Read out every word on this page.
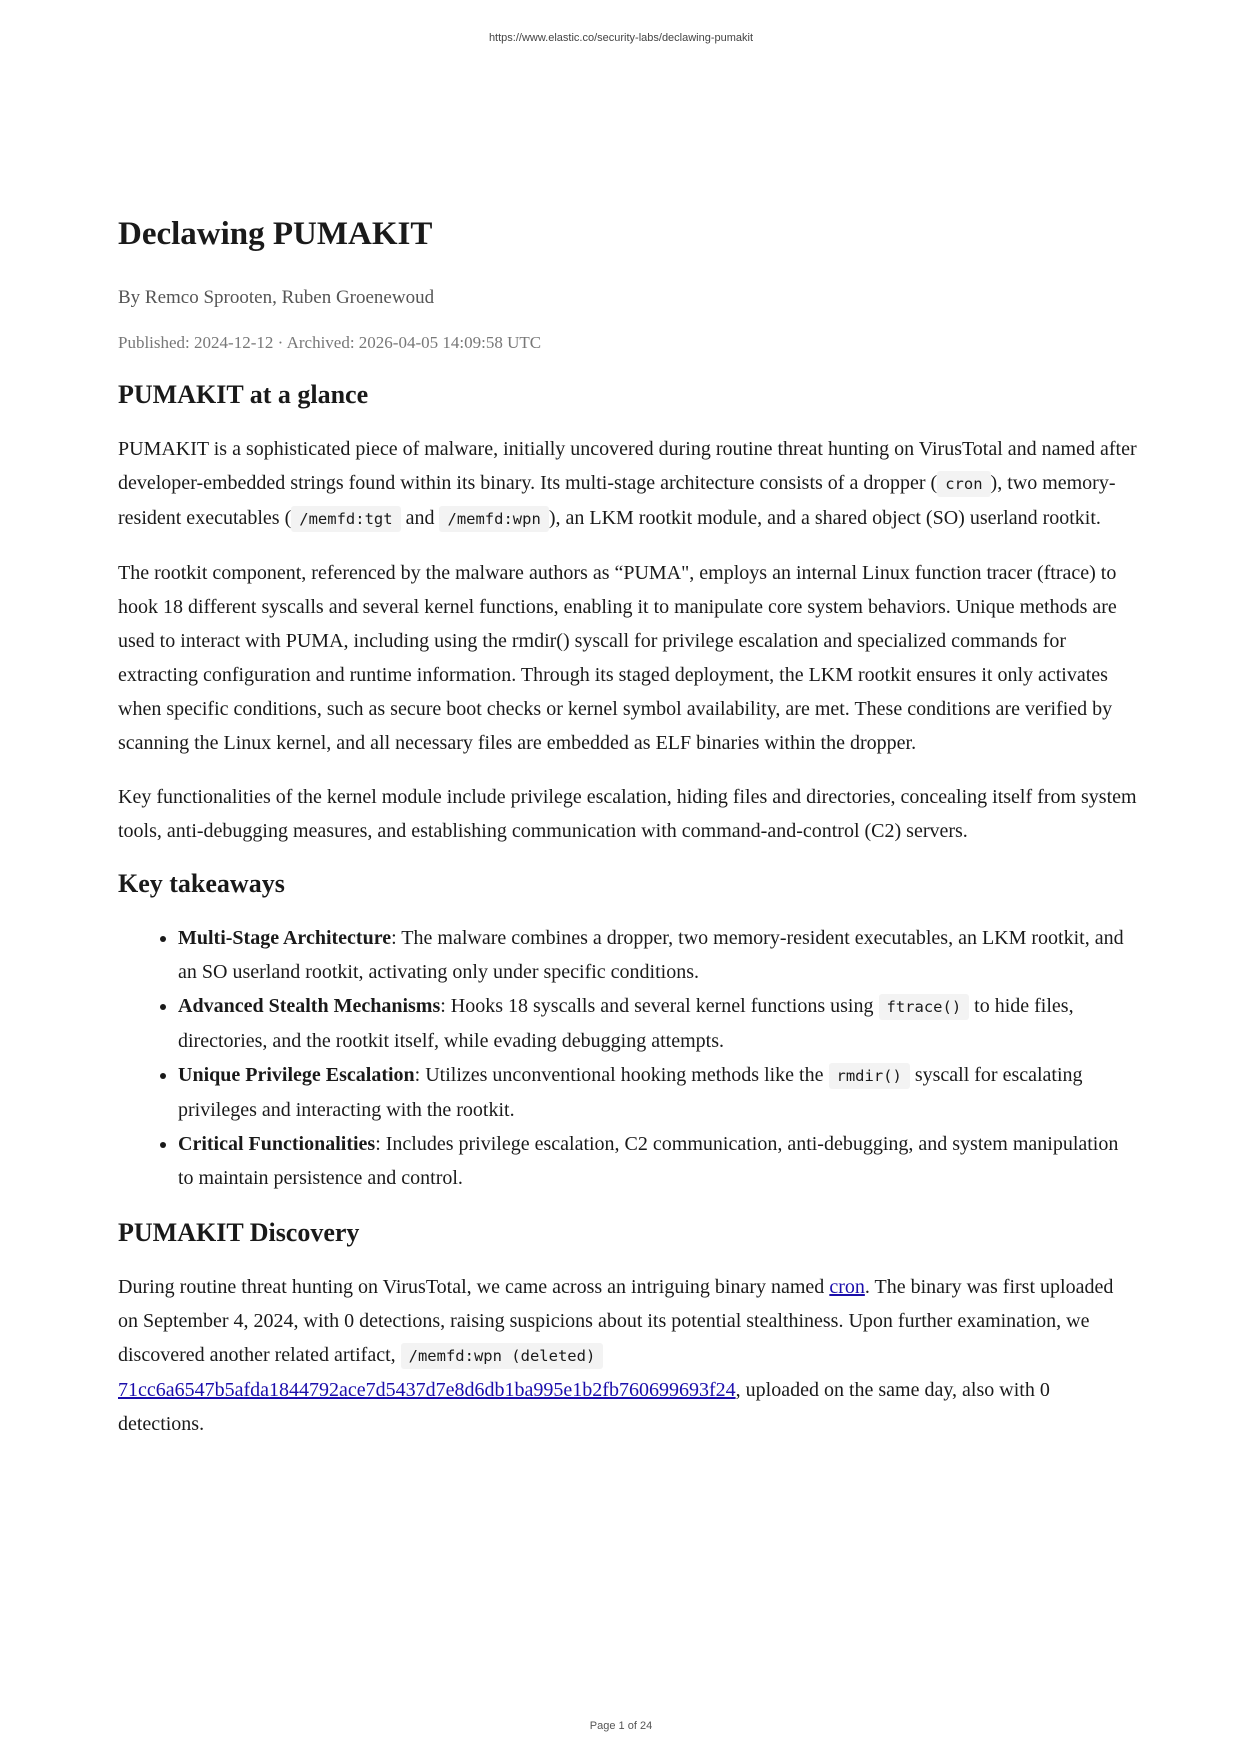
https://www.elastic.co/security-labs/declawing-pumakit
Declawing PUMAKIT
By Remco Sprooten, Ruben Groenewoud
Published: 2024-12-12 · Archived: 2026-04-05 14:09:58 UTC
PUMAKIT at a glance

PUMAKIT is a sophisticated piece of malware, initially uncovered during routine threat hunting on VirusTotal and named after developer-embedded strings found within its binary. Its multi-stage architecture consists of a dropper ( cron ), two memory-resident executables ( /memfd:tgt and /memfd:wpn ), an LKM rootkit module, and a shared object (SO) userland rootkit.

The rootkit component, referenced by the malware authors as “PUMA", employs an internal Linux function tracer (ftrace) to hook 18 different syscalls and several kernel functions, enabling it to manipulate core system behaviors. Unique methods are used to interact with PUMA, including using the rmdir() syscall for privilege escalation and specialized commands for extracting configuration and runtime information. Through its staged deployment, the LKM rootkit ensures it only activates when specific conditions, such as secure boot checks or kernel symbol availability, are met. These conditions are verified by scanning the Linux kernel, and all necessary files are embedded as ELF binaries within the dropper.

Key functionalities of the kernel module include privilege escalation, hiding files and directories, concealing itself from system tools, anti-debugging measures, and establishing communication with command-and-control (C2) servers.

Key takeaways
• Multi-Stage Architecture: The malware combines a dropper, two memory-resident executables, an LKM rootkit, and an SO userland rootkit, activating only under specific conditions.
• Advanced Stealth Mechanisms: Hooks 18 syscalls and several kernel functions using ftrace() to hide files, directories, and the rootkit itself, while evading debugging attempts.
• Unique Privilege Escalation: Utilizes unconventional hooking methods like the rmdir() syscall for escalating privileges and interacting with the rootkit.
• Critical Functionalities: Includes privilege escalation, C2 communication, anti-debugging, and system manipulation to maintain persistence and control.
PUMAKIT Discovery

During routine threat hunting on VirusTotal, we came across an intriguing binary named cron. The binary was first uploaded on September 4, 2024, with 0 detections, raising suspicions about its potential stealthiness. Upon further examination, we discovered another related artifact, /memfd:wpn (deleted) 71cc6a6547b5afda1844792ace7d5437d7e8d6db1ba995e1b2fb760699693f24, uploaded on the same day, also with 0 detections.

Page 1 of 24
